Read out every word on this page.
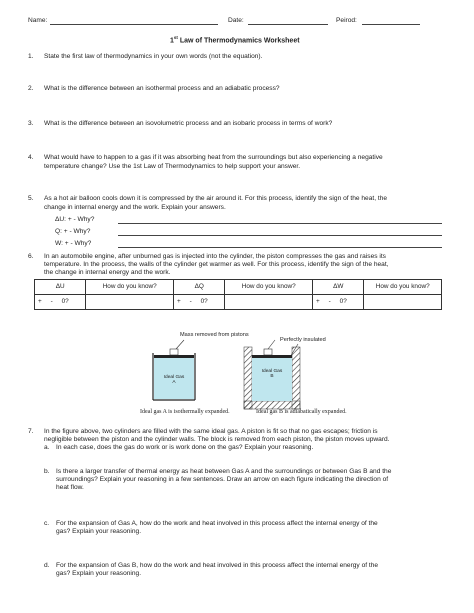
Name:	Date:	Peirod:
1st Law of Thermodynamics Worksheet
1. State the first law of thermodynamics in your own words (not the equation).
2. What is the difference between an isothermal process and an adiabatic process?
3. What is the difference between an isovolumetric process and an isobaric process in terms of work?
4. What would have to happen to a gas if it was absorbing heat from the surroundings but also experiencing a negative
temperature change? Use the 1st Law of Thermodynamics to help support your answer.
5. As a hot air balloon cools down it is compressed by the air around it. For this process, identify the sign of the heat, the
change in internal energy and the work. Explain your answers.
ΔU: + - Why?
Q: + - Why?
W: + - Why?
6. In an automobile engine, after unburned gas is injected into the cylinder, the piston compresses the gas and raises its
temperature. In the process, the walls of the cylinder get warmer as well. For this process, identify the sign of the heat,
the change in internal energy and the work.
ΔU	How do you know?	ΔQ	How do you know?	ΔW	How do you know?
+     -     0?		+     -     0?		+     -     0?	
Mass removed from pistons
Perfectly insulated
Ideal Gas A
Ideal Gas B
Ideal gas A is isothermally expanded.	Ideal gas B is adiabatically expanded.
7. In the figure above, two cylinders are filled with the same ideal gas. A piston is fit so that no gas escapes; friction is
negligible between the piston and the cylinder walls. The block is removed from each piston, the piston moves upward.
a. In each case, does the gas do work or is work done on the gas? Explain your reasoning.
b. Is there a larger transfer of thermal energy as heat between Gas A and the surroundings or between Gas B and the
surroundings? Explain your reasoning in a few sentences. Draw an arrow on each figure indicating the direction of
heat flow.
c. For the expansion of Gas A, how do the work and heat involved in this process affect the internal energy of the
gas? Explain your reasoning.
d. For the expansion of Gas B, how do the work and heat involved in this process affect the internal energy of the
gas? Explain your reasoning.
